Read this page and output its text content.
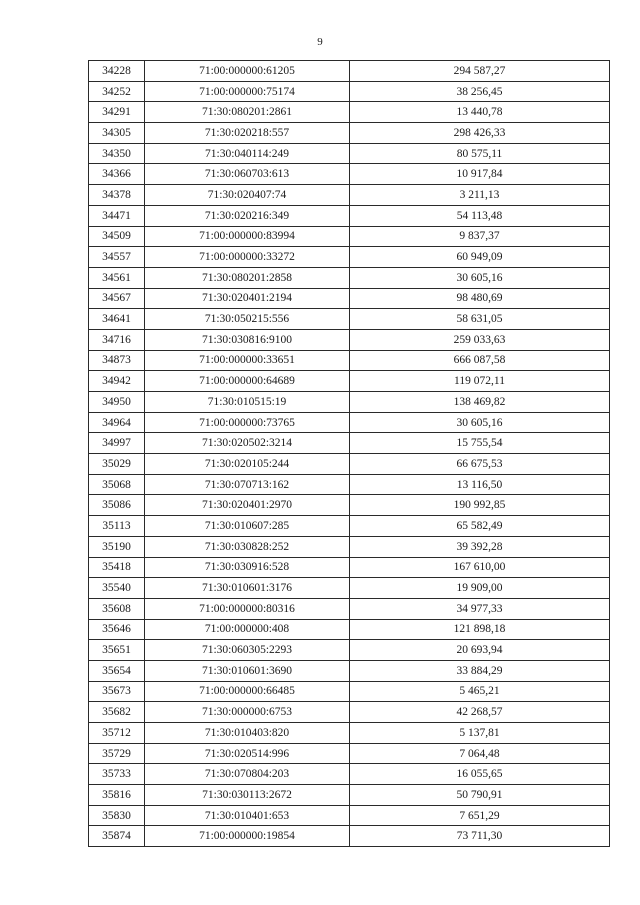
9
34228	71:00:000000:61205	294 587,27
34252	71:00:000000:75174	38 256,45
34291	71:30:080201:2861	13 440,78
34305	71:30:020218:557	298 426,33
34350	71:30:040114:249	80 575,11
34366	71:30:060703:613	10 917,84
34378	71:30:020407:74	3 211,13
34471	71:30:020216:349	54 113,48
34509	71:00:000000:83994	9 837,37
34557	71:00:000000:33272	60 949,09
34561	71:30:080201:2858	30 605,16
34567	71:30:020401:2194	98 480,69
34641	71:30:050215:556	58 631,05
34716	71:30:030816:9100	259 033,63
34873	71:00:000000:33651	666 087,58
34942	71:00:000000:64689	119 072,11
34950	71:30:010515:19	138 469,82
34964	71:00:000000:73765	30 605,16
34997	71:30:020502:3214	15 755,54
35029	71:30:020105:244	66 675,53
35068	71:30:070713:162	13 116,50
35086	71:30:020401:2970	190 992,85
35113	71:30:010607:285	65 582,49
35190	71:30:030828:252	39 392,28
35418	71:30:030916:528	167 610,00
35540	71:30:010601:3176	19 909,00
35608	71:00:000000:80316	34 977,33
35646	71:00:000000:408	121 898,18
35651	71:30:060305:2293	20 693,94
35654	71:30:010601:3690	33 884,29
35673	71:00:000000:66485	5 465,21
35682	71:30:000000:6753	42 268,57
35712	71:30:010403:820	5 137,81
35729	71:30:020514:996	7 064,48
35733	71:30:070804:203	16 055,65
35816	71:30:030113:2672	50 790,91
35830	71:30:010401:653	7 651,29
35874	71:00:000000:19854	73 711,30
